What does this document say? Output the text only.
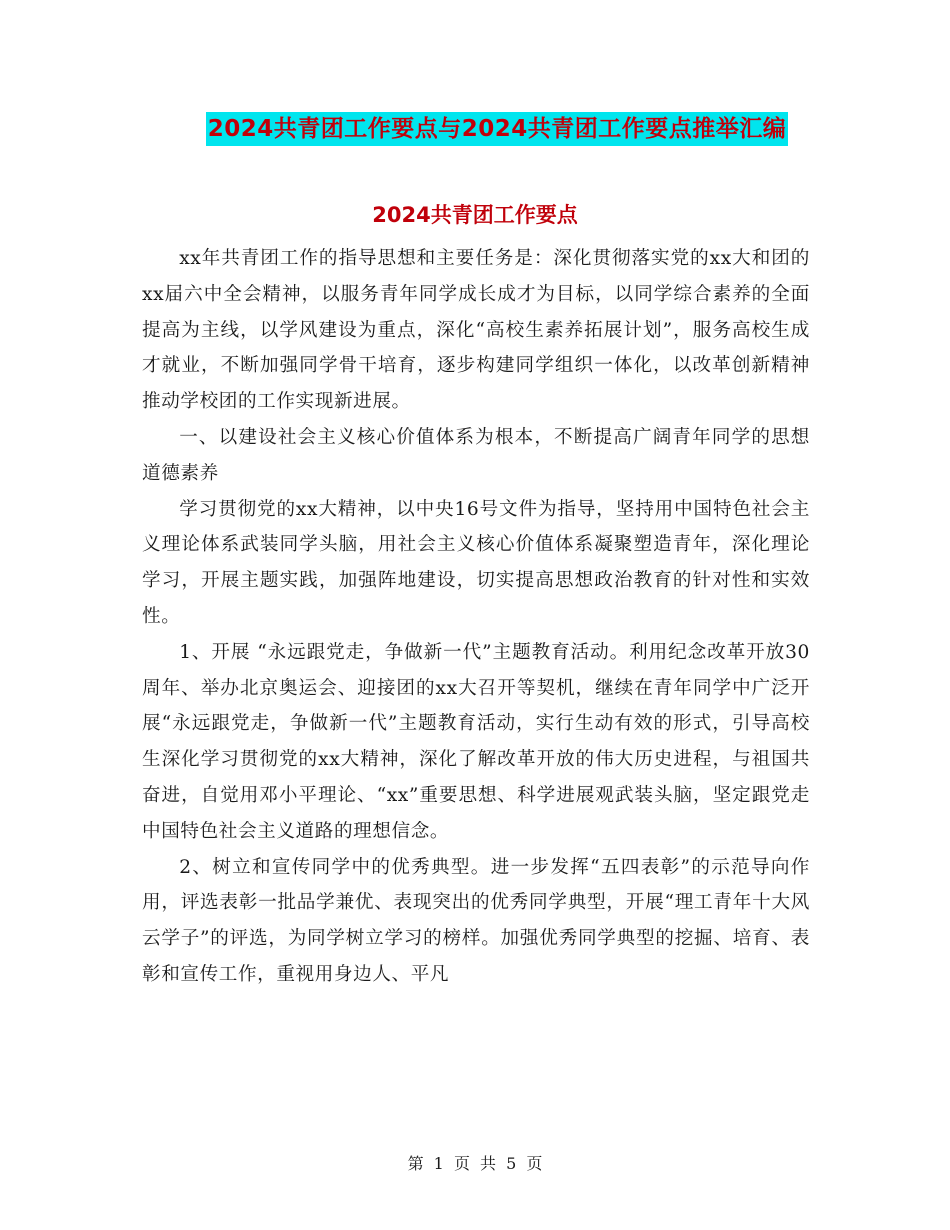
2024共青团工作要点与2024共青团工作要点推举汇编
2024共青团工作要点

xx年共青团工作的指导思想和主要任务是：深化贯彻落实党的xx大和团的xx届六中全会精神，以服务青年同学成长成才为目标，以同学综合素养的全面提高为主线，以学风建设为重点，深化“高校生素养拓展计划”，服务高校生成才就业，不断加强同学骨干培育，逐步构建同学组织一体化，以改革创新精神推动学校团的工作实现新进展。

一、以建设社会主义核心价值体系为根本，不断提高广阔青年同学的思想道德素养

学习贯彻党的xx大精神，以中央16号文件为指导，坚持用中国特色社会主义理论体系武装同学头脑，用社会主义核心价值体系凝聚塑造青年，深化理论学习，开展主题实践，加强阵地建设，切实提高思想政治教育的针对性和实效性。

1、开展 “永远跟党走，争做新一代”主题教育活动。利用纪念改革开放30周年、举办北京奥运会、迎接团的xx大召开等契机，继续在青年同学中广泛开展“永远跟党走，争做新一代”主题教育活动，实行生动有效的形式，引导高校生深化学习贯彻党的xx大精神，深化了解改革开放的伟大历史进程，与祖国共奋进，自觉用邓小平理论、“xx”重要思想、科学进展观武装头脑，坚定跟党走中国特色社会主义道路的理想信念。

2、树立和宣传同学中的优秀典型。进一步发挥“五四表彰”的示范导向作用，评选表彰一批品学兼优、表现突出的优秀同学典型，开展“理工青年十大风云学子”的评选，为同学树立学习的榜样。加强优秀同学典型的挖掘、培育、表彰和宣传工作，重视用身边人、平凡

第 1 页 共 5 页
